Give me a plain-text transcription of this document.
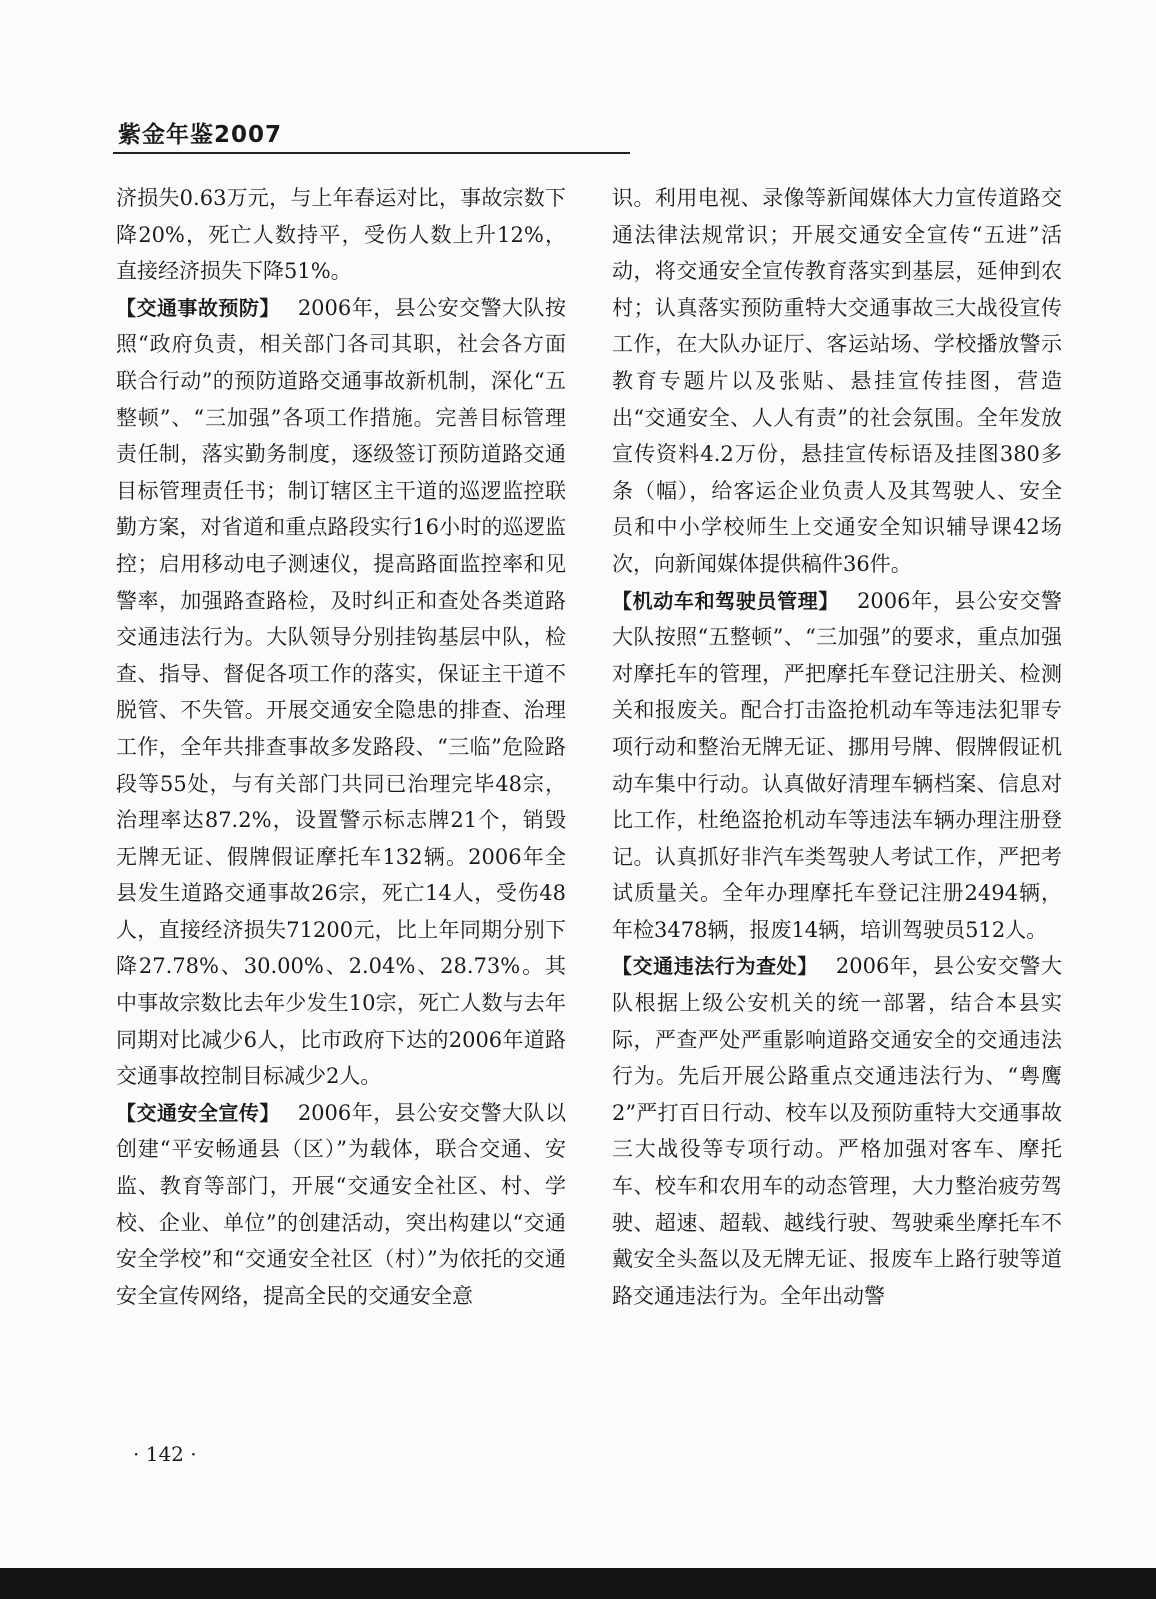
紫金年鉴2007

济损失0.63万元，与上年春运对比，事故宗数下降20%，死亡人数持平，受伤人数上升12%，直接经济损失下降51%。

【交通事故预防】 2006年，县公安交警大队按照“政府负责，相关部门各司其职，社会各方面联合行动”的预防道路交通事故新机制，深化“五整顿”、“三加强”各项工作措施。完善目标管理责任制，落实勤务制度，逐级签订预防道路交通目标管理责任书；制订辖区主干道的巡逻监控联勤方案，对省道和重点路段实行16小时的巡逻监控；启用移动电子测速仪，提高路面监控率和见警率，加强路查路检，及时纠正和查处各类道路交通违法行为。大队领导分别挂钩基层中队，检查、指导、督促各项工作的落实，保证主干道不脱管、不失管。开展交通安全隐患的排查、治理工作，全年共排查事故多发路段、“三临”危险路段等55处，与有关部门共同已治理完毕48宗，治理率达87.2%，设置警示标志牌21个，销毁无牌无证、假牌假证摩托车132辆。2006年全县发生道路交通事故26宗，死亡14人，受伤48人，直接经济损失71200元，比上年同期分别下降27.78%、30.00%、2.04%、28.73%。其中事故宗数比去年少发生10宗，死亡人数与去年同期对比减少6人，比市政府下达的2006年道路交通事故控制目标减少2人。

【交通安全宣传】 2006年，县公安交警大队以创建“平安畅通县（区）”为载体，联合交通、安监、教育等部门，开展“交通安全社区、村、学校、企业、单位”的创建活动，突出构建以“交通安全学校”和“交通安全社区（村）”为依托的交通安全宣传网络，提高全民的交通安全意

识。利用电视、录像等新闻媒体大力宣传道路交通法律法规常识；开展交通安全宣传“五进”活动，将交通安全宣传教育落实到基层，延伸到农村；认真落实预防重特大交通事故三大战役宣传工作，在大队办证厅、客运站场、学校播放警示教育专题片以及张贴、悬挂宣传挂图，营造出“交通安全、人人有责”的社会氛围。全年发放宣传资料4.2万份，悬挂宣传标语及挂图380多条（幅），给客运企业负责人及其驾驶人、安全员和中小学校师生上交通安全知识辅导课42场次，向新闻媒体提供稿件36件。

【机动车和驾驶员管理】 2006年，县公安交警大队按照“五整顿”、“三加强”的要求，重点加强对摩托车的管理，严把摩托车登记注册关、检测关和报废关。配合打击盗抢机动车等违法犯罪专项行动和整治无牌无证、挪用号牌、假牌假证机动车集中行动。认真做好清理车辆档案、信息对比工作，杜绝盗抢机动车等违法车辆办理注册登记。认真抓好非汽车类驾驶人考试工作，严把考试质量关。全年办理摩托车登记注册2494辆，年检3478辆，报废14辆，培训驾驶员512人。

【交通违法行为查处】 2006年，县公安交警大队根据上级公安机关的统一部署，结合本县实际，严查严处严重影响道路交通安全的交通违法行为。先后开展公路重点交通违法行为、“粤鹰2”严打百日行动、校车以及预防重特大交通事故三大战役等专项行动。严格加强对客车、摩托车、校车和农用车的动态管理，大力整治疲劳驾驶、超速、超载、越线行驶、驾驶乘坐摩托车不戴安全头盔以及无牌无证、报废车上路行驶等道路交通违法行为。全年出动警

· 142 ·
